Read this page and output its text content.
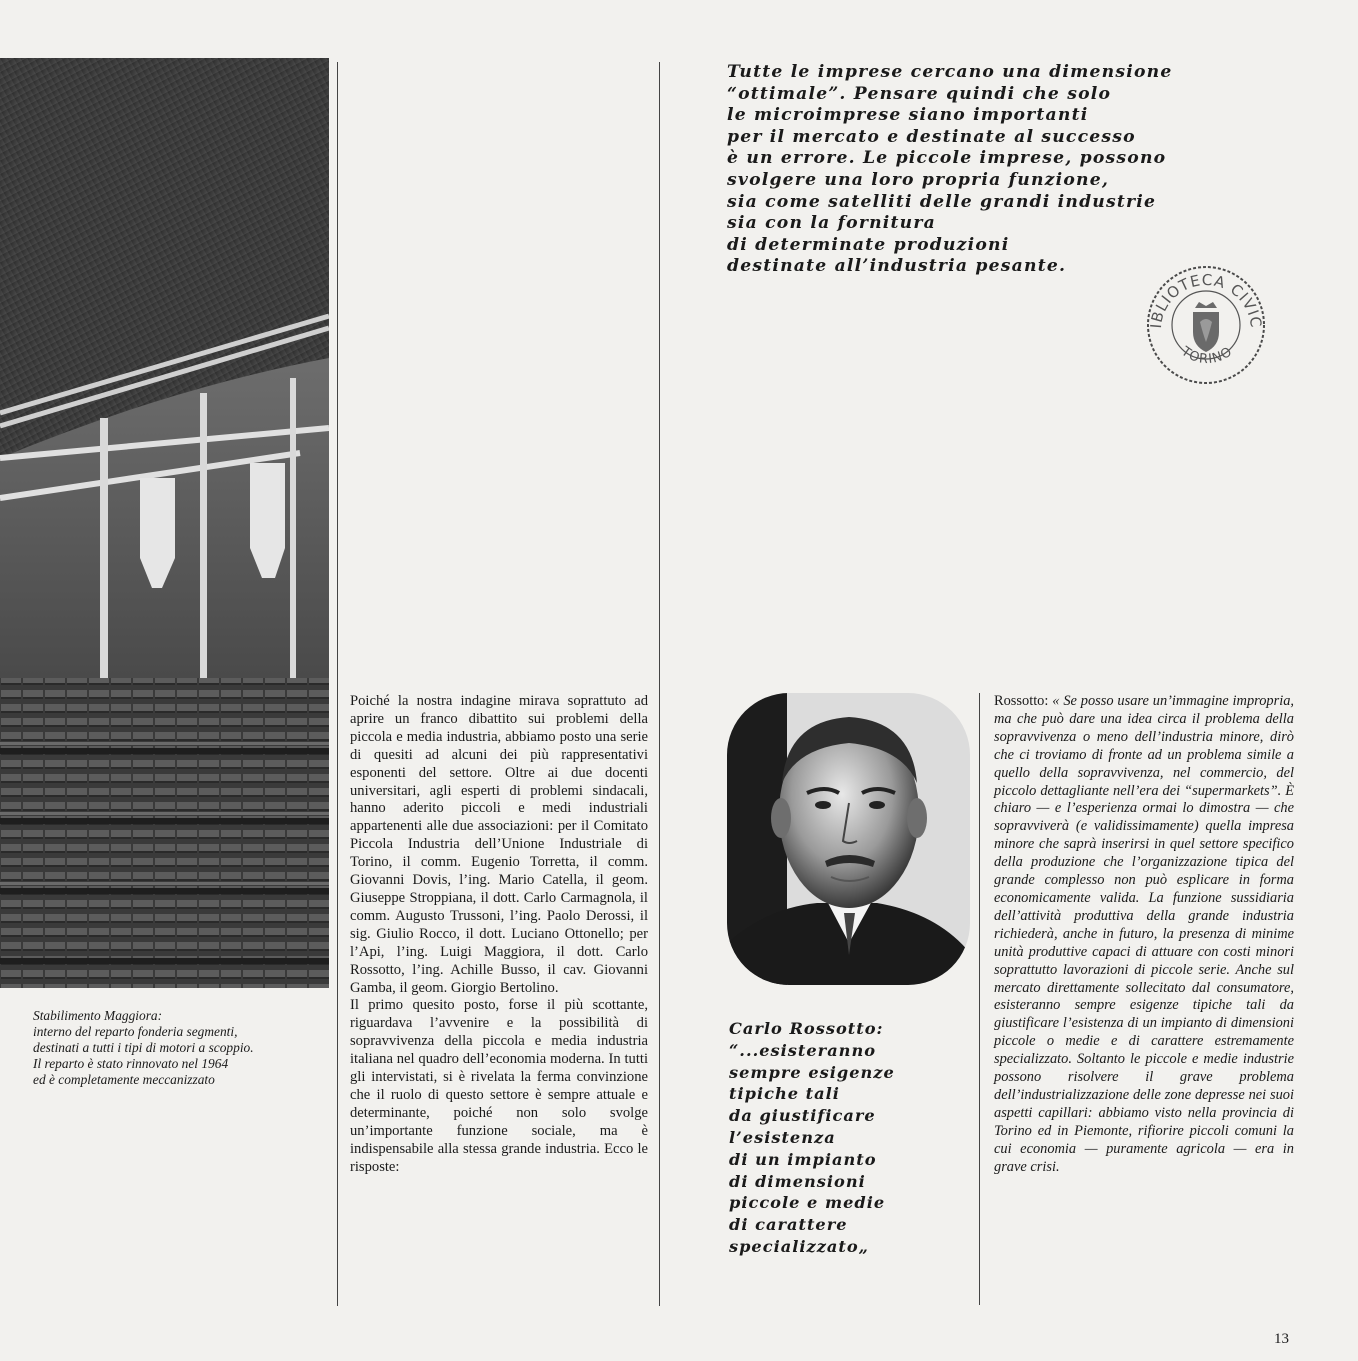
Tutte le imprese cercano una dimensione
“ottimale”. Pensare quindi che solo
le microimprese siano importanti
per il mercato e destinate al successo
è un errore. Le piccole imprese, possono
svolgere una loro propria funzione,
sia come satelliti delle grandi industrie
sia con la fornitura
di determinate produzioni
destinate all’industria pesante.
IBLIOTECA CIVIC
TORINO
Stabilimento Maggiora:
interno del reparto fonderia segmenti,
destinati a tutti i tipi di motori a scoppio.
Il reparto è stato rinnovato nel 1964
ed è completamente meccanizzato

Poiché la nostra indagine mirava soprattuto ad aprire un franco dibattito sui problemi della piccola e media industria, abbiamo posto una serie di quesiti ad alcuni dei più rappresentativi esponenti del settore. Oltre ai due docenti universitari, agli esperti di problemi sindacali, hanno aderito piccoli e medi industriali appartenenti alle due associazioni: per il Comitato Piccola Industria dell’Unione Industriale di Torino, il comm. Eugenio Torretta, il comm. Giovanni Dovis, l’ing. Mario Catella, il geom. Giuseppe Stroppiana, il dott. Carlo Carmagnola, il comm. Augusto Trussoni, l’ing. Paolo Derossi, il sig. Giulio Rocco, il dott. Luciano Ottonello; per l’Api, l’ing. Luigi Maggiora, il dott. Carlo Rossotto, l’ing. Achille Busso, il cav. Giovanni Gamba, il geom. Giorgio Bertolino.

Il primo quesito posto, forse il più scottante, riguardava l’avvenire e la possibilità di sopravvivenza della piccola e media industria italiana nel quadro dell’economia moderna. In tutti gli intervistati, si è rivelata la ferma convinzione che il ruolo di questo settore è sempre attuale e determinante, poiché non solo svolge un’importante funzione sociale, ma è indispensabile alla stessa grande industria. Ecco le risposte:

Carlo Rossotto:
“...esisteranno
sempre esigenze
tipiche tali
da giustificare
l’esistenza
di un impianto
di dimensioni
piccole e medie
di carattere
specializzato„
Rossotto: « Se posso usare un’immagine impropria, ma che può dare una idea circa il problema della sopravvivenza o meno dell’industria minore, dirò che ci troviamo di fronte ad un problema simile a quello della sopravvivenza, nel commercio, del piccolo dettagliante nell’era dei “supermarkets”. È chiaro — e l’esperienza ormai lo dimostra — che sopravviverà (e validissimamente) quella impresa minore che saprà inserirsi in quel settore specifico della produzione che l’organizzazione tipica del grande complesso non può esplicare in forma economicamente valida. La funzione sussidiaria dell’attività produttiva della grande industria richiederà, anche in futuro, la presenza di minime unità produttive capaci di attuare con costi minori soprattutto lavorazioni di piccole serie. Anche sul mercato direttamente sollecitato dal consumatore, esisteranno sempre esigenze tipiche tali da giustificare l’esistenza di un impianto di dimensioni piccole o medie e di carattere estremamente specializzato. Soltanto le piccole e medie industrie possono risolvere il grave problema dell’industrializzazione delle zone depresse nei suoi aspetti capillari: abbiamo visto nella provincia di Torino ed in Piemonte, rifiorire piccoli comuni la cui economia — puramente agricola — era in grave crisi.
13
